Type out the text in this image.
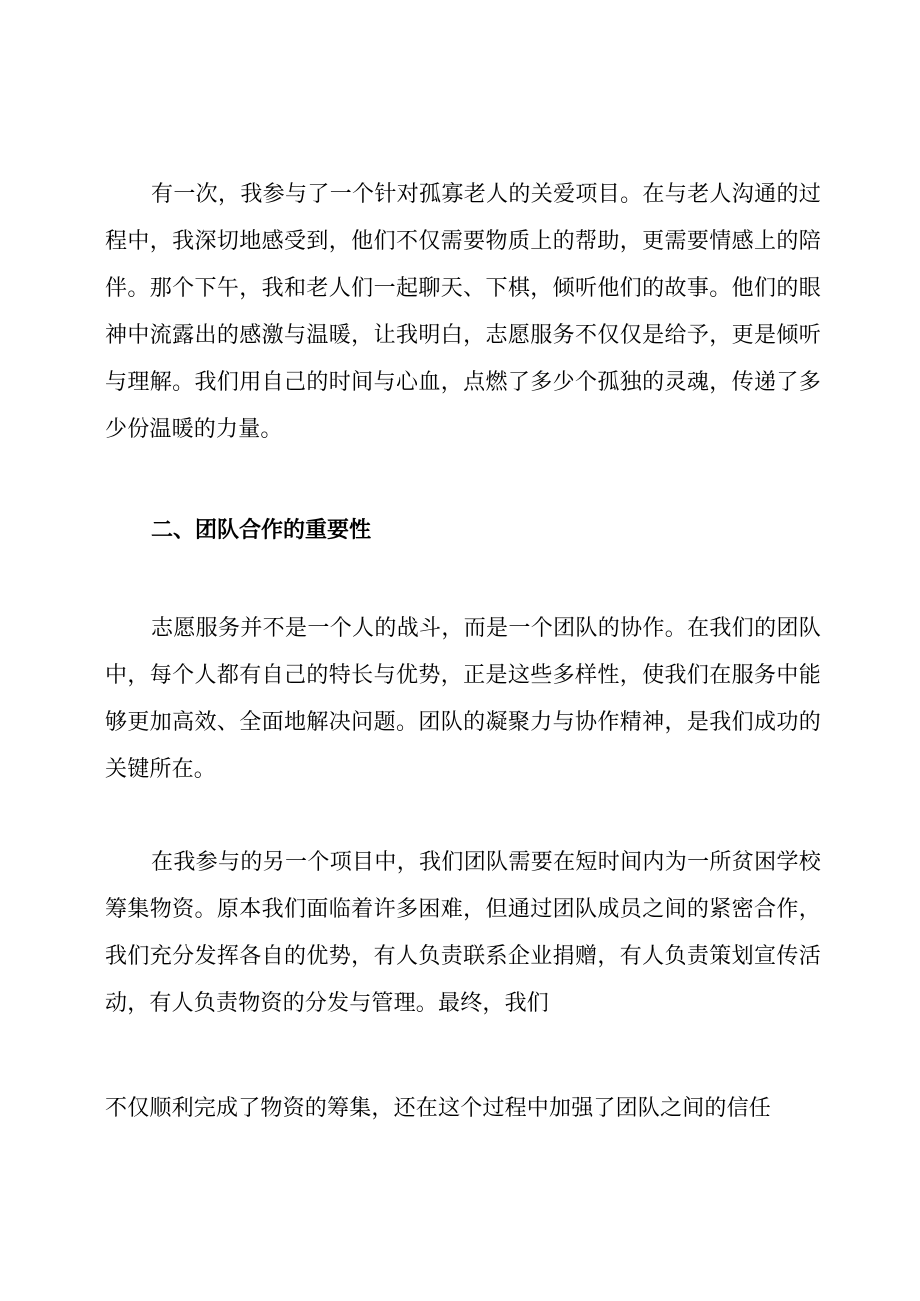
有一次，我参与了一个针对孤寡老人的关爱项目。在与老人沟通的过程中，我深切地感受到，他们不仅需要物质上的帮助，更需要情感上的陪伴。那个下午，我和老人们一起聊天、下棋，倾听他们的故事。他们的眼神中流露出的感激与温暖，让我明白，志愿服务不仅仅是给予，更是倾听与理解。我们用自己的时间与心血，点燃了多少个孤独的灵魂，传递了多少份温暖的力量。

二、团队合作的重要性

志愿服务并不是一个人的战斗，而是一个团队的协作。在我们的团队中，每个人都有自己的特长与优势，正是这些多样性，使我们在服务中能够更加高效、全面地解决问题。团队的凝聚力与协作精神，是我们成功的关键所在。

在我参与的另一个项目中，我们团队需要在短时间内为一所贫困学校筹集物资。原本我们面临着许多困难，但通过团队成员之间的紧密合作，我们充分发挥各自的优势，有人负责联系企业捐赠，有人负责策划宣传活动，有人负责物资的分发与管理。最终，我们

不仅顺利完成了物资的筹集，还在这个过程中加强了团队之间的信任
